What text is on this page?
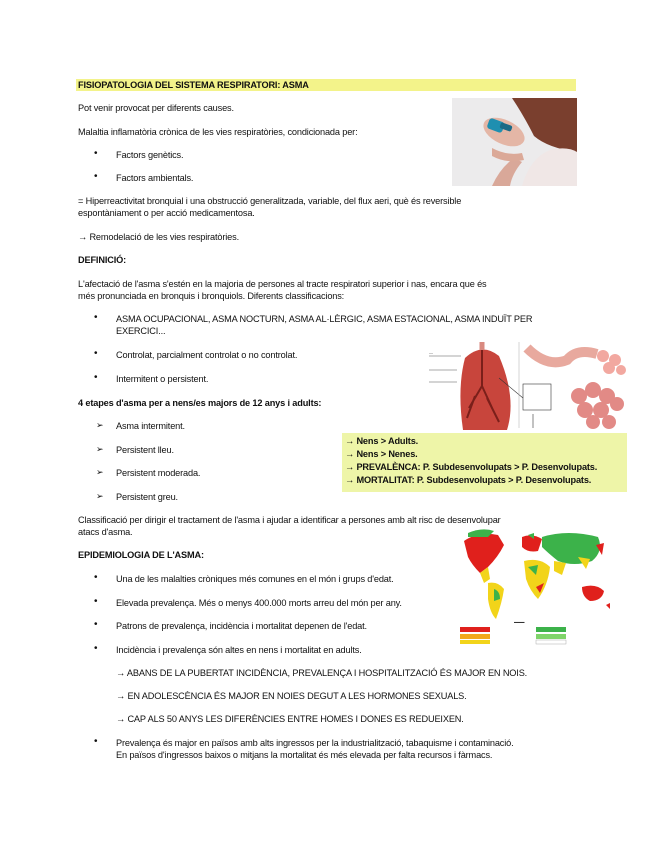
FISIOPATOLOGIA DEL SISTEMA RESPIRATORI: ASMA
Pot venir provocat per diferents causes.
Malaltia inflamatòria crònica de les vies respiratòries, condicionada per:
• Factors genètics.
• Factors ambientals.
= Hiperreactivitat bronquial i una obstrucció generalitzada, variable, del flux aeri, què és reversible
espontàniament o per acció medicamentosa.
→ Remodelació de les vies respiratòries.
DEFINICIÓ:
L'afectació de l'asma s'estén en la majoria de persones al tracte respiratori superior i nas, encara que és
més pronunciada en bronquis i bronquiols. Diferents classificacions:
• ASMA OCUPACIONAL, ASMA NOCTURN, ASMA AL·LÈRGIC, ASMA ESTACIONAL, ASMA INDUÏT PER
EXERCICI...
• Controlat, parcialment controlat o no controlat.
• Intermitent o persistent.
—
4 etapes d'asma per a nens/es majors de 12 anys i adults:
➢ Asma intermitent.
➢ Persistent lleu.
➢ Persistent moderada.
➢ Persistent greu.
→ Nens > Adults.
→ Nens > Nenes.
→ PREVALÈNCA: P. Subdesenvolupats > P. Desenvolupats.
→ MORTALITAT: P. Subdesenvolupats > P. Desenvolupats.
Classificació per dirigir el tractament de l'asma i ajudar a identificar a persones amb alt risc de desenvolupar
atacs d'asma.
EPIDEMIOLOGIA DE L'ASMA:
• Una de les malalties cròniques més comunes en el món i grups d'edat.
• Elevada prevalença. Més o menys 400.000 morts arreu del món per any.
• Patrons de prevalença, incidència i mortalitat depenen de l'edat.
• Incidència i prevalença són altes en nens i mortalitat en adults.
→ ABANS DE LA PUBERTAT INCIDÈNCIA, PREVALENÇA I HOSPITALITZACIÓ ÉS MAJOR EN NOIS.
→ EN ADOLESCÈNCIA ÉS MAJOR EN NOIES DEGUT A LES HORMONES SEXUALS.
→ CAP ALS 50 ANYS LES DIFERÈNCIES ENTRE HOMES I DONES ES REDUEIXEN.
• Prevalença és major en països amb alts ingressos per la industrialització, tabaquisme i contaminació.
En països d'ingressos baixos o mitjans la mortalitat és més elevada per falta recursos i fàrmacs.
▬▬▬
